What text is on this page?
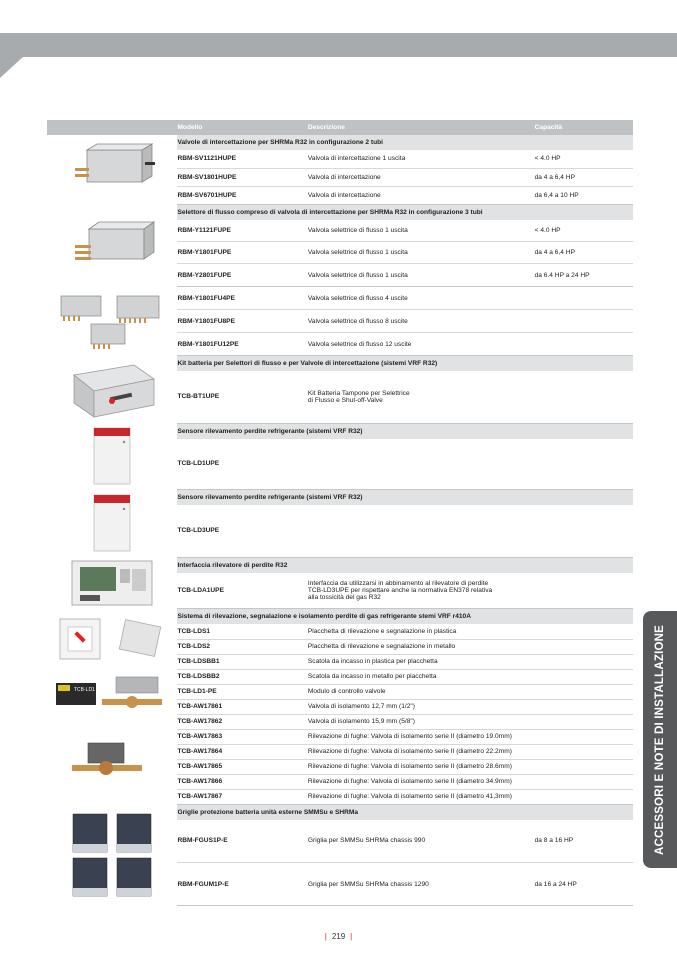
	Modello	Descrizione	Capacità

	Valvole di intercettazione per SHRMa R32 in configurazione 2 tubi		
	RBM-SV1121HUPE	Valvola di intercettazione 1 uscita	< 4.0 HP
	RBM-SV1801HUPE	Valvola di intercettazione	da 4 a 6,4 HP
	RBM-SV6701HUPE	Valvola di intercettazione	da 6,4 a 10 HP

	Selettore di flusso compreso di valvola di intercettazione per SHRMa R32 in configurazione 3 tubi		
	RBM-Y1121FUPE	Valvola selettrice di flusso 1 uscita	< 4.0 HP
	RBM-Y1801FUPE	Valvola selettrice di flusso 1 uscita	da 4 a 6,4 HP
	RBM-Y2801FUPE	Valvola selettrice di flusso 1 uscita	da 6.4 HP a 24 HP

	RBM-Y1801FU4PE	Valvola selettrice di flusso 4 uscite	
	RBM-Y1801FU8PE	Valvola selettrice di flusso 8 uscite	
	RBM-Y1801FU12PE	Valvola selettrice di flusso 12 uscite	

	Kit batteria per Selettori di flusso e per Valvole di intercettazione (sistemi VRF R32)		
	TCB-BT1UPE	Kit Batteria Tampone per Selettrice
di Flusso e Shut-off-Valve	

	Sensore rilevamento perdite refrigerante (sistemi VRF R32)		
	TCB-LD1UPE		

	Sensore rilevamento perdite refrigerante (sistemi VRF R32)		
	TCB-LD3UPE		

	Interfaccia rilevatore di perdite R32		
	TCB-LDA1UPE	Interfaccia da utilizzarsi in abbinamento al rilevatore di perdite
TCB-LD3UPE per rispettare anche la normativa EN378 relativa
alla tossicità del gas R32	

TCB-LD1	Sistema di rilevazione, segnalazione e isolamento perdite di gas refrigerante stemi VRF r410A		
	TCB-LDS1	Placchetta di rilevazione e segnalazione in plastica	
	TCB-LDS2	Placchetta di rilevazione e segnalazione in metallo	
	TCB-LDSBB1	Scatola da incasso in plastica per placchetta	
	TCB-LDSBB2	Scatola da incasso in metallo per placchetta	
	TCB-LD1-PE	Modulo di controllo valvole	
	TCB-AW17861	Valvola di isolamento 12,7 mm (1/2")	
	TCB-AW17862	Valvola di isolamento 15,9 mm (5/8")	
	TCB-AW17863	Rilevazione di fughe: Valvola di isolamento serie II (diametro 19.0mm)	
	TCB-AW17864	Rilevazione di fughe: Valvola di isolamento serie II (diametro 22.2mm)	
	TCB-AW17865	Rilevazione di fughe: Valvola di isolamento serie II (diametro 28.6mm)	
	TCB-AW17866	Rilevazione di fughe: Valvola di isolamento serie II (diametro 34.9mm)	
	TCB-AW17867	Rilevazione di fughe: Valvola di isolamento serie II (diametro 41,3mm)	

	Griglie protezione batteria unità esterne SMMSu e SHRMa		
	RBM-FGUS1P-E	Griglia per SMMSu SHRMa chassis 990	da 8 a 16 HP
	RBM-FGUM1P-E	Griglia per SMMSu SHRMa chassis 1290	da 16 a 24 HP
ACCESSORI E NOTE DI INSTALLAZIONE
| 219 |
